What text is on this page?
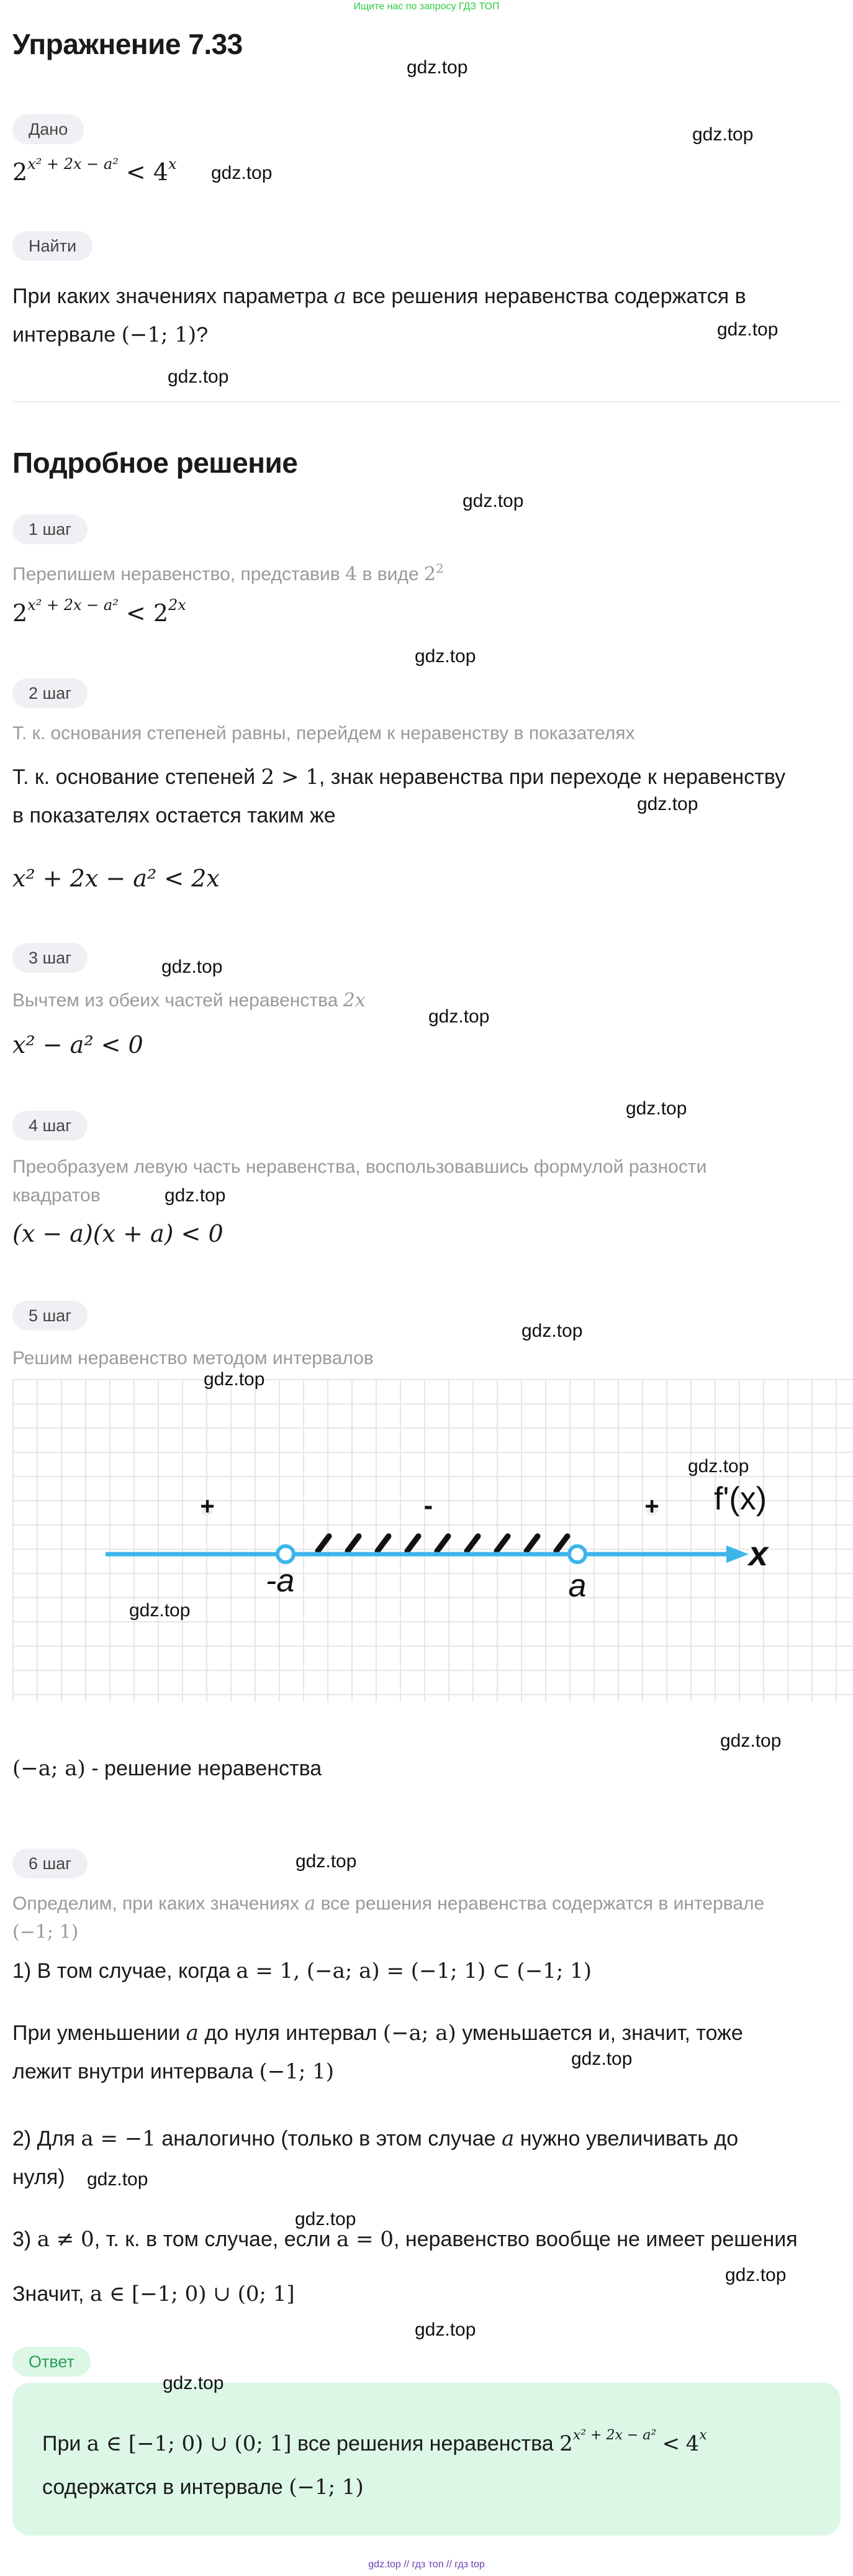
Ищите нас по запросу ГДЗ ТОП
Упражнение 7.33
Дано
$2^{x^2 + 2x - a^2} < 4^x$
Найти
При каких значениях параметра a все решения неравенства содержатся в
интервале (−1; 1)?
Подробное решение
1 шаг
Перепишем неравенство, представив 4 в виде $2^2$
$2^{x^2 + 2x - a^2} < 2^{2x}$
2 шаг
Т. к. основания степеней равны, перейдем к неравенству в показателях
Т. к. основание степеней 2 > 1, знак неравенства при переходе к неравенству
в показателях остается таким же
x² + 2x − a² < 2x
3 шаг
Вычтем из обеих частей неравенства 2x
x² − a² < 0
4 шаг
Преобразуем левую часть неравенства, воспользовавшись формулой разности
квадратов
(x − a)(x + a) < 0
5 шаг
Решим неравенство методом интервалов
+	-	+ f'(x)
x
-a	a
(−a; a) - решение неравенства
6 шаг
Определим, при каких значениях a все решения неравенства содержатся в интервале
(−1; 1)
1) В том случае, когда a = 1, (−a; a) = (−1; 1) ⊂ (−1; 1)
При уменьшении a до нуля интервал (−a; a) уменьшается и, значит, тоже
лежит внутри интервала (−1; 1)
2) Для a = −1 аналогично (только в этом случае a нужно увеличивать до
нуля)
3) a ≠ 0, т. к. в том случае, если a = 0, неравенство вообще не имеет решения
Значит, a ∈ [−1; 0) ∪ (0; 1]
Ответ
При a ∈ [−1; 0) ∪ (0; 1] все решения неравенства $2^{x^2 + 2x - a^2} < 4^x$
содержатся в интервале (−1; 1)
gdz.top
gdz.top
gdz.top
gdz.top
gdz.top
gdz.top
gdz.top
gdz.top
gdz.top
gdz.top
gdz.top
gdz.top
gdz.top
gdz.top
gdz.top
gdz.top
gdz.top
gdz.top
gdz.top
gdz.top
gdz.top
gdz.top
gdz.top
gdz.top
gdz.top // гдз топ // гдз top
